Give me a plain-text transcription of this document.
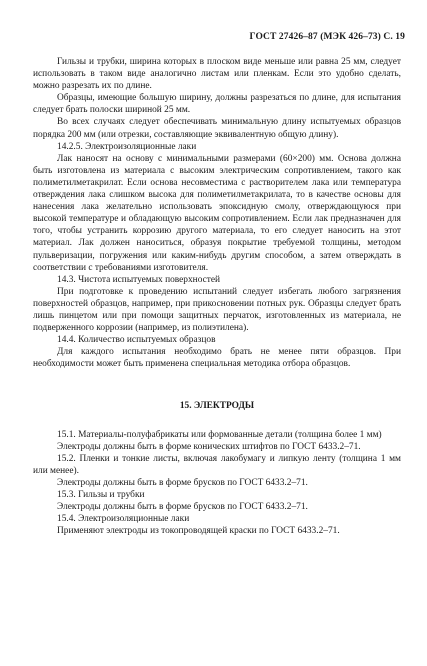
ГОСТ 27426–87 (МЭК 426–73) С. 19

Гильзы и трубки, ширина которых в плоском виде меньше или равна 25 мм, следует использовать в таком виде аналогично листам или пленкам. Если это удобно сделать, можно разрезать их по длине.

Образцы, имеющие большую ширину, должны разрезаться по длине, для испытания следует брать полоски шириной 25 мм.

Во всех случаях следует обеспечивать минимальную длину испытуемых образцов порядка 200 мм (или отрезки, составляющие эквивалентную общую длину).

14.2.5. Электроизоляционные лаки

Лак наносят на основу с минимальными размерами (60×200) мм. Основа должна быть изготовлена из материала с высоким электрическим сопротивлением, такого как полиметилметакрилат. Если основа несовместима с растворителем лака или температура отверждения лака слишком высока для полиметилметакрилата, то в качестве основы для нанесения лака желательно использовать эпоксидную смолу, отверждающуюся при высокой температуре и обладающую высоким сопротивлением. Если лак предназначен для того, чтобы устранить коррозию другого материала, то его следует наносить на этот материал. Лак должен наноситься, образуя покрытие требуемой толщины, методом пульверизации, погружения или каким-нибудь другим способом, а затем отверждать в соответствии с требованиями изготовителя.

14.3. Чистота испытуемых поверхностей

При подготовке к проведению испытаний следует избегать любого загрязнения поверхностей образцов, например, при прикосновении потных рук. Образцы следует брать лишь пинцетом или при помощи защитных перчаток, изготовленных из материала, не подверженного коррозии (например, из полиэтилена).

14.4. Количество испытуемых образцов

Для каждого испытания необходимо брать не менее пяти образцов. При необходимости может быть применена специальная методика отбора образцов.

15. ЭЛЕКТРОДЫ

15.1. Материалы-полуфабрикаты или формованные детали (толщина более 1 мм)

Электроды должны быть в форме конических штифтов по ГОСТ 6433.2–71.

15.2. Пленки и тонкие листы, включая лакобумагу и липкую ленту (толщина 1 мм или менее).

Электроды должны быть в форме брусков по ГОСТ 6433.2–71.

15.3. Гильзы и трубки

Электроды должны быть в форме брусков по ГОСТ 6433.2–71.

15.4. Электроизоляционные лаки

Применяют электроды из токопроводящей краски по ГОСТ 6433.2–71.
